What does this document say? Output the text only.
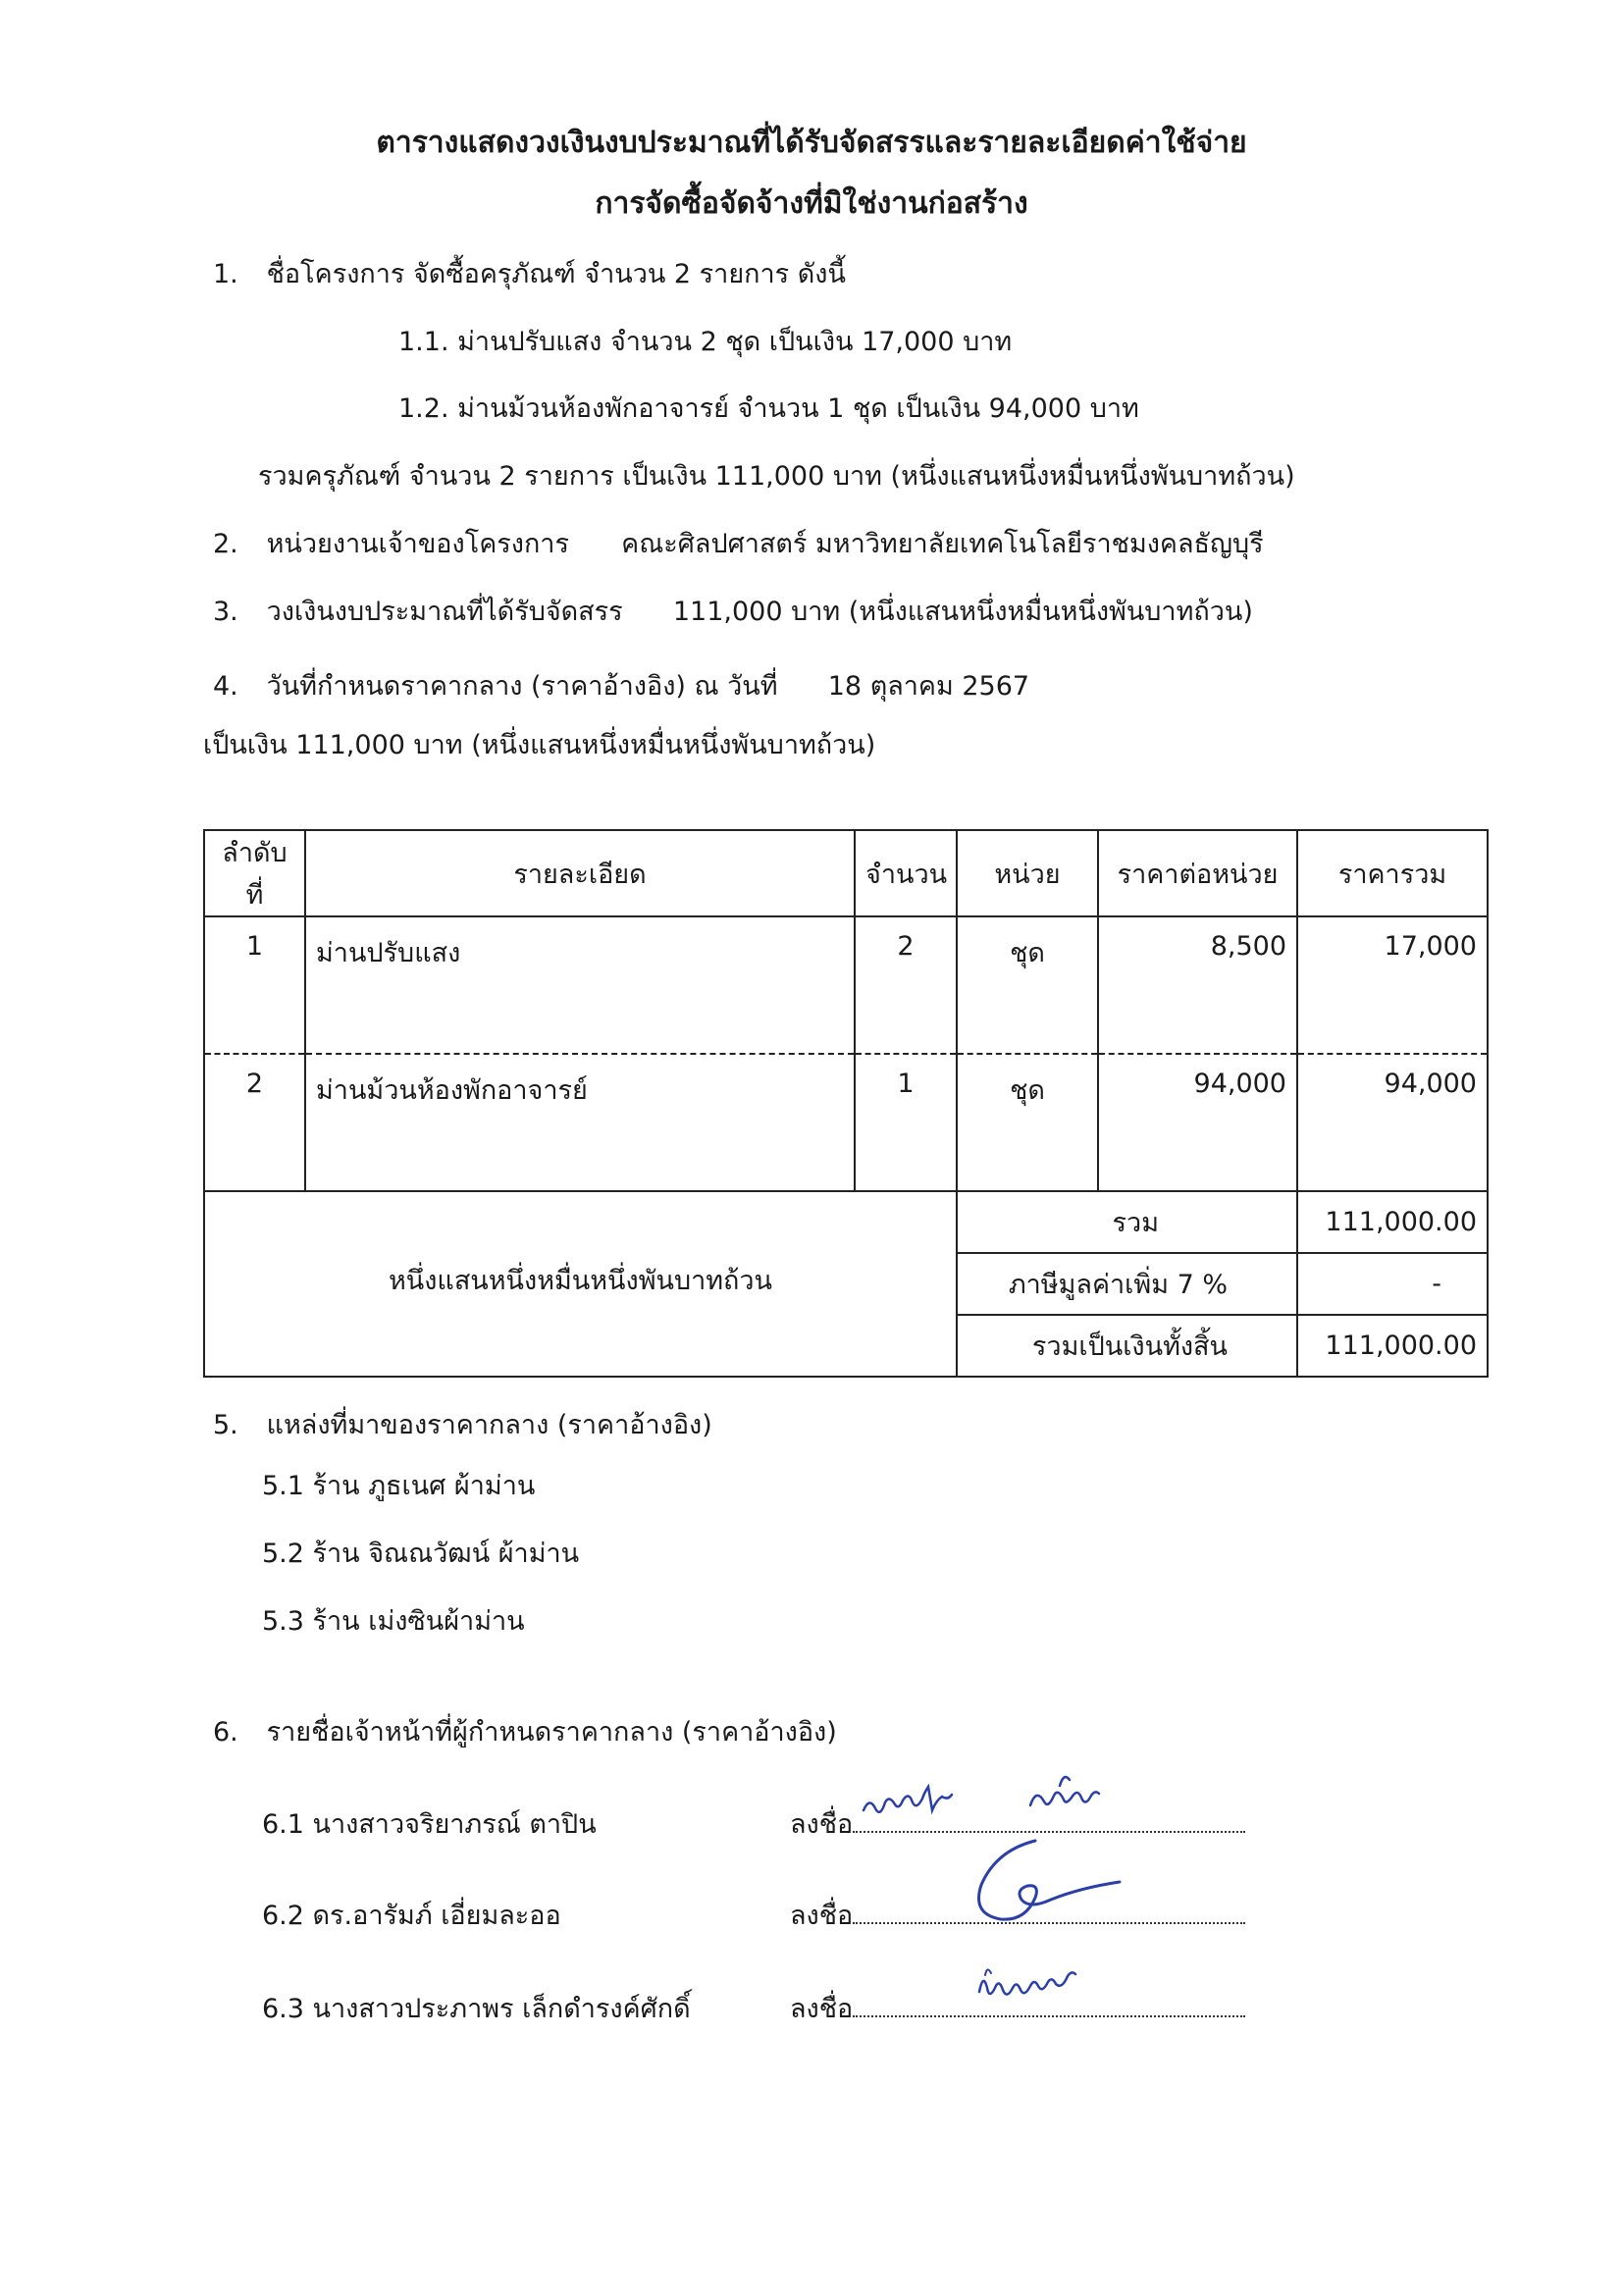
ตารางแสดงวงเงินงบประมาณที่ได้รับจัดสรรและรายละเอียดค่าใช้จ่าย
การจัดซื้อจัดจ้างที่มิใช่งานก่อสร้าง
1. ชื่อโครงการ จัดซื้อครุภัณฑ์ จำนวน 2 รายการ ดังนี้
1.1. ม่านปรับแสง จำนวน 2 ชุด เป็นเงิน 17,000 บาท
1.2. ม่านม้วนห้องพักอาจารย์ จำนวน 1 ชุด เป็นเงิน 94,000 บาท
รวมครุภัณฑ์ จำนวน 2 รายการ เป็นเงิน 111,000 บาท (หนึ่งแสนหนึ่งหมื่นหนึ่งพันบาทถ้วน)
2. หน่วยงานเจ้าของโครงการ คณะศิลปศาสตร์ มหาวิทยาลัยเทคโนโลยีราชมงคลธัญบุรี
3. วงเงินงบประมาณที่ได้รับจัดสรร 111,000 บาท (หนึ่งแสนหนึ่งหมื่นหนึ่งพันบาทถ้วน)
4. วันที่กำหนดราคากลาง (ราคาอ้างอิง) ณ วันที่ 18 ตุลาคม 2567
เป็นเงิน 111,000 บาท (หนึ่งแสนหนึ่งหมื่นหนึ่งพันบาทถ้วน)
ลำดับที่	รายละเอียด	จำนวน	หน่วย	ราคาต่อหน่วย	ราคารวม
1	ม่านปรับแสง	2	ชุด	8,500	17,000
2	ม่านม้วนห้องพักอาจารย์	1	ชุด	94,000	94,000
หนึ่งแสนหนึ่งหมื่นหนึ่งพันบาทถ้วน			รวม		111,000.00
			ภาษีมูลค่าเพิ่ม 7 %		-
			รวมเป็นเงินทั้งสิ้น		111,000.00
5. แหล่งที่มาของราคากลาง (ราคาอ้างอิง)
5.1 ร้าน ภูธเนศ ผ้าม่าน
5.2 ร้าน จิณณวัฒน์ ผ้าม่าน
5.3 ร้าน เม่งซินผ้าม่าน
6. รายชื่อเจ้าหน้าที่ผู้กำหนดราคากลาง (ราคาอ้างอิง)
6.1 นางสาวจริยาภรณ์ ตาปิน	ลงชื่อ
6.2 ดร.อารัมภ์ เอี่ยมละออ	ลงชื่อ
6.3 นางสาวประภาพร เล็กดำรงค์ศักดิ์	ลงชื่อ
